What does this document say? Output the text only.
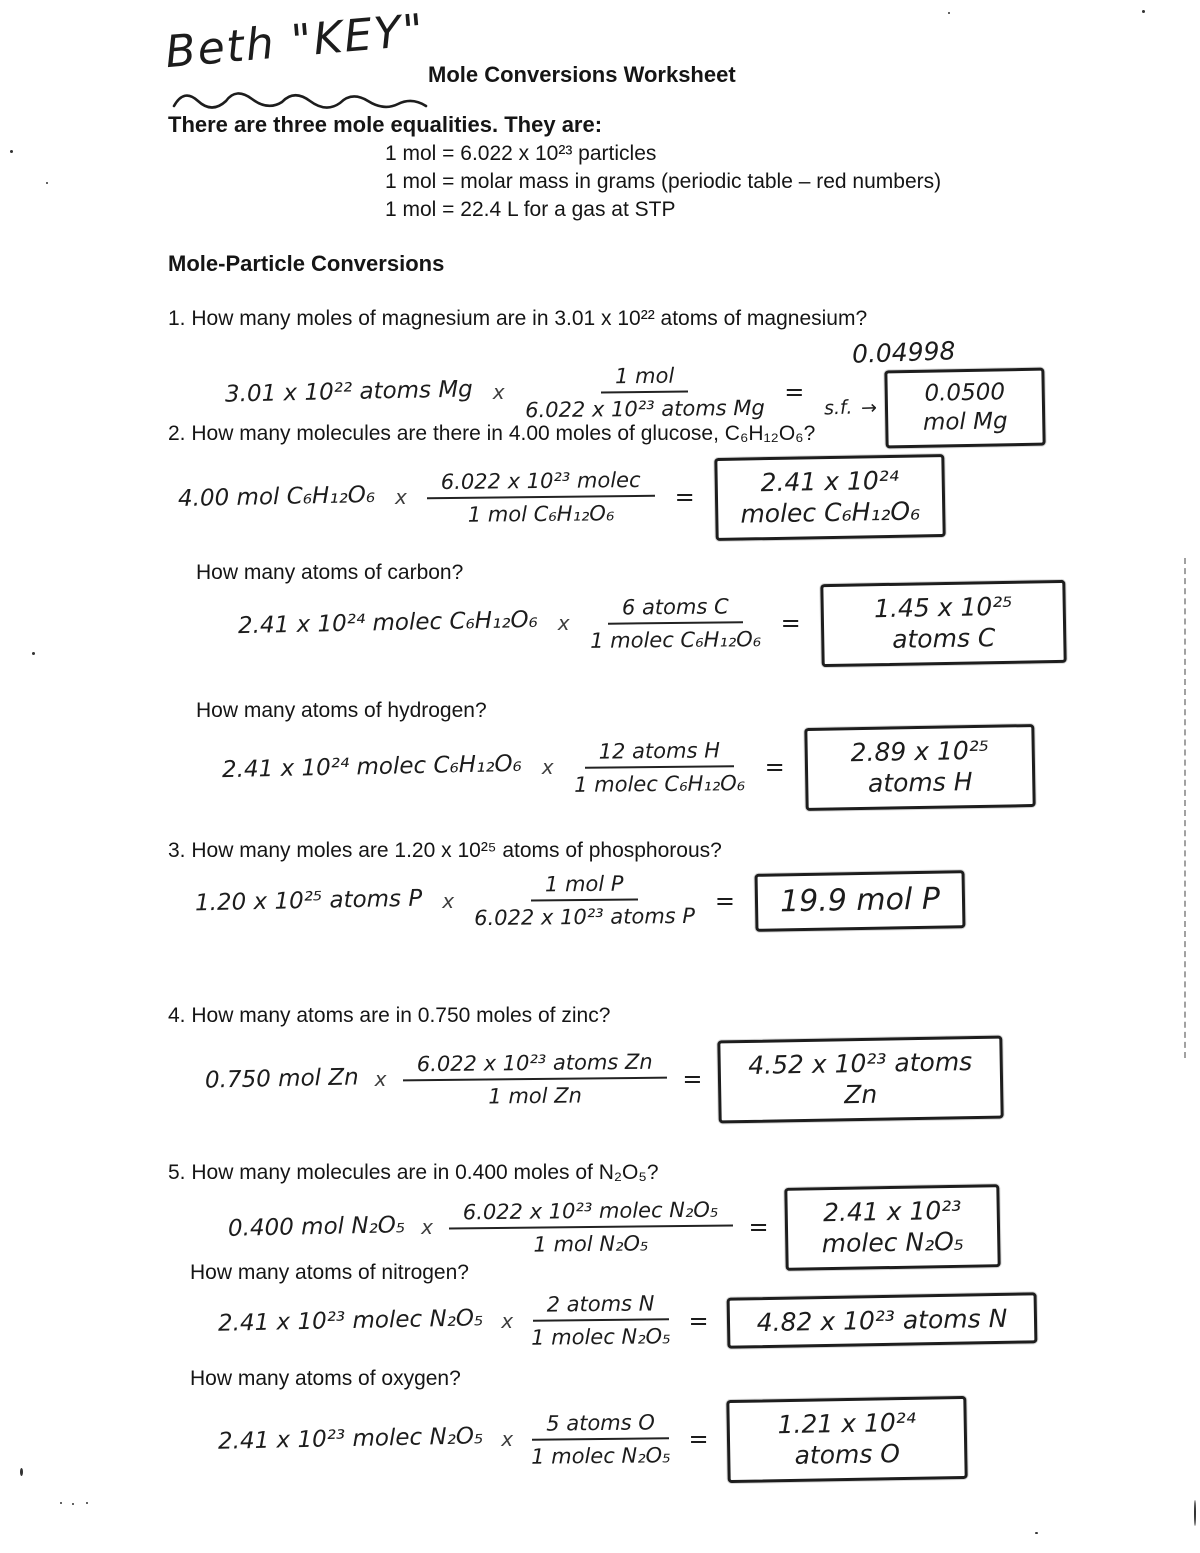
Beth "KEY" Mole Conversions Worksheet
There are three mole equalities. They are:
1 mol = 6.022 x 10²³ particles
1 mol = molar mass in grams (periodic table – red numbers)
1 mol = 22.4 L for a gas at STP
Mole-Particle Conversions
1. How many moles of magnesium are in 3.01 x 10²² atoms of magnesium?
3.01 x 10²² atoms Mg x $\frac{\text{1 mol}}{\text{6.022 x 10²³ atoms Mg}}$ =
0.04998
s.f. →
0.0500 mol Mg
2. How many molecules are there in 4.00 moles of glucose, C₆H₁₂O₆?
4.00 mol C₆H₁₂O₆ x $\frac{\text{6.022 x 10²³ molec}}{\text{1 mol C₆H₁₂O₆}}$ =
2.41 x 10²⁴ molec C₆H₁₂O₆
How many atoms of carbon?
2.41 x 10²⁴ molec C₆H₁₂O₆ x $\frac{\text{6 atoms C}}{\text{1 molec C₆H₁₂O₆}}$ =
1.45 x 10²⁵ atoms C
How many atoms of hydrogen?
2.41 x 10²⁴ molec C₆H₁₂O₆ x $\frac{\text{12 atoms H}}{\text{1 molec C₆H₁₂O₆}}$ =
2.89 x 10²⁵ atoms H
3. How many moles are 1.20 x 10²⁵ atoms of phosphorous?
1.20 x 10²⁵ atoms P x $\frac{\text{1 mol P}}{\text{6.022 x 10²³ atoms P}}$ =	19.9 mol P
4. How many atoms are in 0.750 moles of zinc?
0.750 mol Zn x $\frac{\text{6.022 x 10²³ atoms Zn}}{\text{1 mol Zn}}$ =	4.52 x 10²³ atoms Zn
5. How many molecules are in 0.400 moles of N₂O₅?
0.400 mol N₂O₅ x $\frac{\text{6.022 x 10²³ molec N₂O₅}}{\text{1 mol N₂O₅}}$ =
2.41 x 10²³ molec N₂O₅
How many atoms of nitrogen?
2.41 x 10²³ molec N₂O₅ x $\frac{\text{2 atoms N}}{\text{1 molec N₂O₅}}$ =	4.82 x 10²³ atoms N
How many atoms of oxygen?
2.41 x 10²³ molec N₂O₅ x $\frac{\text{5 atoms O}}{\text{1 molec N₂O₅}}$ =
1.21 x 10²⁴ atoms O
